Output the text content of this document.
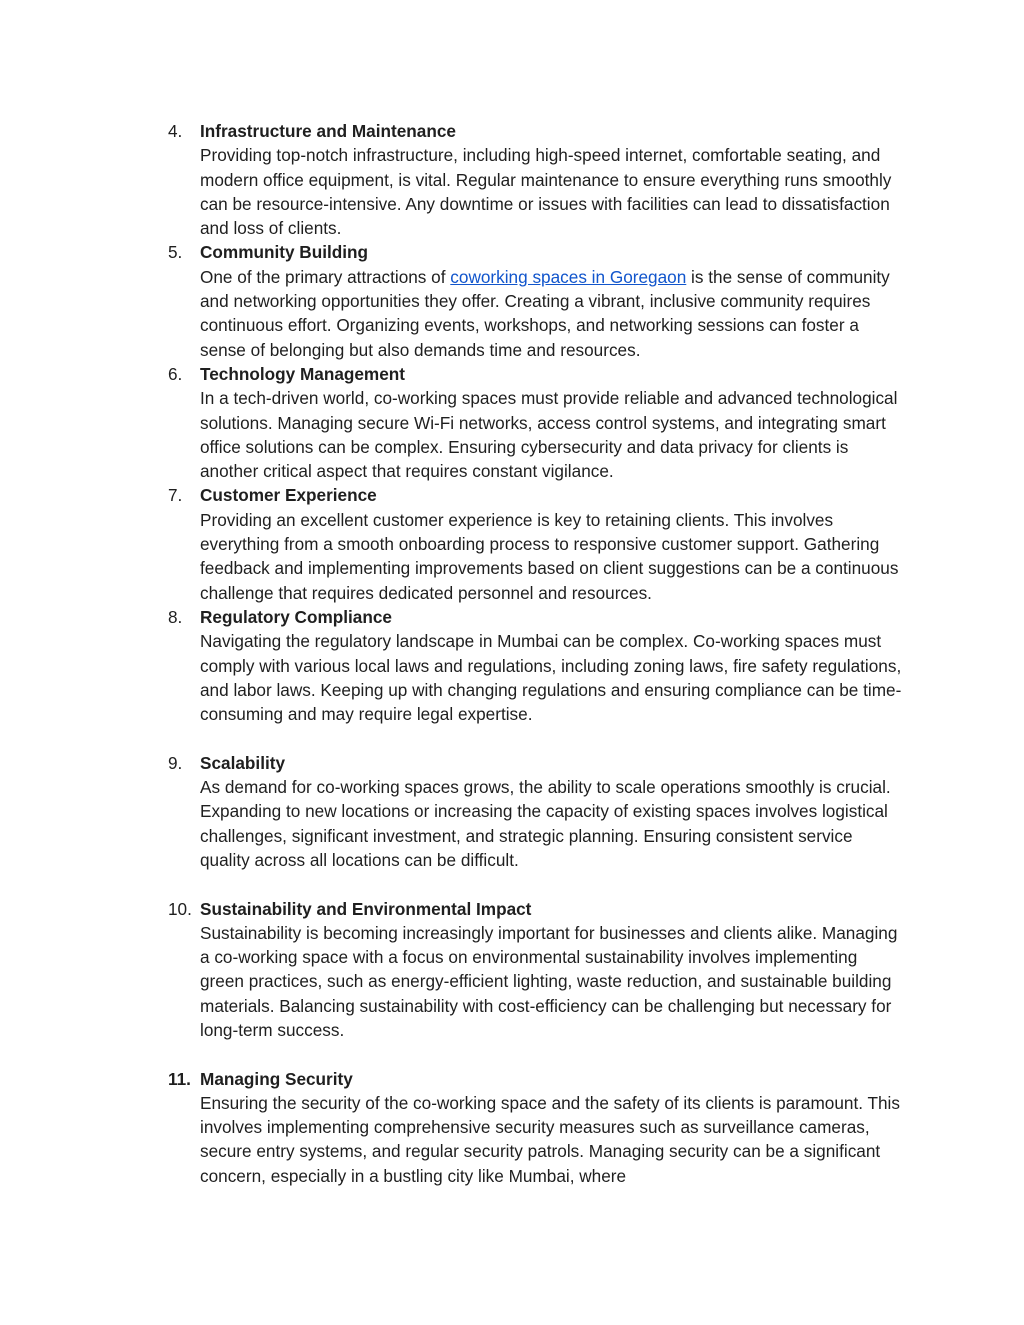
4. Infrastructure and Maintenance
Providing top-notch infrastructure, including high-speed internet, comfortable seating, and modern office equipment, is vital. Regular maintenance to ensure everything runs smoothly can be resource-intensive. Any downtime or issues with facilities can lead to dissatisfaction and loss of clients.
5. Community Building
One of the primary attractions of coworking spaces in Goregaon is the sense of community and networking opportunities they offer. Creating a vibrant, inclusive community requires continuous effort. Organizing events, workshops, and networking sessions can foster a sense of belonging but also demands time and resources.
6. Technology Management
In a tech-driven world, co-working spaces must provide reliable and advanced technological solutions. Managing secure Wi-Fi networks, access control systems, and integrating smart office solutions can be complex. Ensuring cybersecurity and data privacy for clients is another critical aspect that requires constant vigilance.
7. Customer Experience
Providing an excellent customer experience is key to retaining clients. This involves everything from a smooth onboarding process to responsive customer support. Gathering feedback and implementing improvements based on client suggestions can be a continuous challenge that requires dedicated personnel and resources.
8. Regulatory Compliance
Navigating the regulatory landscape in Mumbai can be complex. Co-working spaces must comply with various local laws and regulations, including zoning laws, fire safety regulations, and labor laws. Keeping up with changing regulations and ensuring compliance can be time-consuming and may require legal expertise.
9. Scalability
As demand for co-working spaces grows, the ability to scale operations smoothly is crucial. Expanding to new locations or increasing the capacity of existing spaces involves logistical challenges, significant investment, and strategic planning. Ensuring consistent service quality across all locations can be difficult.
10. Sustainability and Environmental Impact
Sustainability is becoming increasingly important for businesses and clients alike. Managing a co-working space with a focus on environmental sustainability involves implementing green practices, such as energy-efficient lighting, waste reduction, and sustainable building materials. Balancing sustainability with cost-efficiency can be challenging but necessary for long-term success.
11. Managing Security
Ensuring the security of the co-working space and the safety of its clients is paramount. This involves implementing comprehensive security measures such as surveillance cameras, secure entry systems, and regular security patrols. Managing security can be a significant concern, especially in a bustling city like Mumbai, where
